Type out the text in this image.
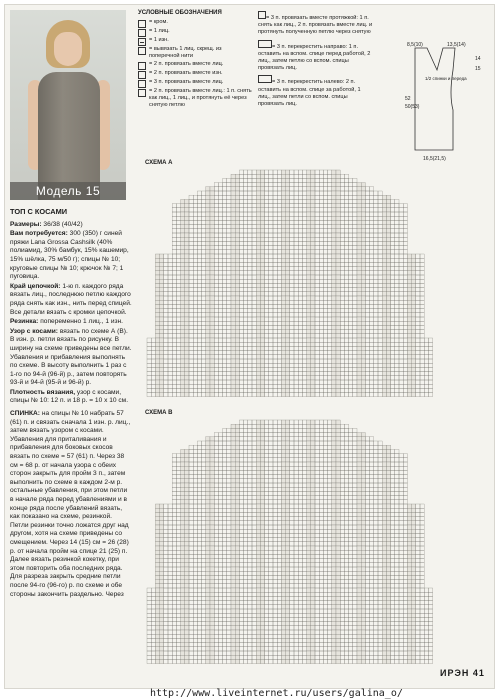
Модель 15
ТОП С КОСАМИ

Размеры: 36/38 (40/42)

Вам потребуется: 300 (350) г синей пряжи Lana Grossa Cashsilk (40% полиамид, 30% бамбук, 15% кашемир, 15% шёлка, 75 м/50 г); спицы № 10; круговые спицы № 10; крючок № 7; 1 пуговица.

Край цепочкой: 1-ю п. каждого ряда вязать лиц., последнюю петлю каждого ряда снять как изн., нить перед спицей. Все детали вязать с кромки цепочкой.

Резинка: попеременно 1 лиц., 1 изн.

Узор с косами: вязать по схеме А (В). В изн. р. петли вязать по рисунку. В ширину на схеме приведены все петли. Убавления и прибавления выполнять по схеме. В высоту выполнить 1 раз с 1-го по 94-й (96-й) р., затем повторять 93-й и 94-й (95-й и 96-й) р.

Плотность вязания, узор с косами, спицы № 10: 12 п. и 18 р. = 10 x 10 см.

СПИНКА: на спицы № 10 набрать 57 (61) п. и связать сначала 1 изн. р. лиц., затем вязать узором с косами. Убавления для приталивания и прибавления для боковых скосов вязать по схеме = 57 (61) п. Через 38 см = 68 р. от начала узора с обеих сторон закрыть для пройм 3 п., затем выполнить по схеме в каждом 2-м р. остальные убавления, при этом петли в начале ряда перед убавлениями и в конце ряда после убавлений вязать, как показано на схеме, резинкой. Петли резинки точно ложатся друг над другом, хотя на схеме приведены со смещением. Через 14 (15) см = 26 (28) р. от начала пройм на спице 21 (25) п. Далее вязать резинкой кокетку, при этом повторить оба последних ряда. Для разреза закрыть средние петли после 94-го (96-го) р. по схеме и обе стороны закончить раздельно. Через

УСЛОВНЫЕ ОБОЗНАЧЕНИЯ
= кром.
= 1 лиц.
= 1 изн.
= вывязать 1 лиц. скрещ. из поперечной нити
= 2 п. провязать вместе лиц.
= 2 п. провязать вместе изн.
= 3 п. провязать вместе лиц.
= 2 п. провязать вместе лиц.: 1 п. снять как лиц., 1 лиц., и протянуть её через снятую петлю
= 3 п. провязать вместе протяжкой: 1 п. снять как лиц., 2 п. провязать вместе лиц. и протянуть полученную петлю через снятую
= 3 п. перекрестить направо: 1 п. оставить на вспом. спице перед работой, 2 лиц., затем петлю со вспом. спицы провязать лиц.
= 3 п. перекрестить налево: 2 п. оставить на вспом. спице за работой, 1 лиц., затем петли со вспом. спицы провязать лиц.
8,5(10)	13,5(14)
14
15
1/2 спинки и переда
52
50(53)
16,5(21,5)
СХЕМА А
СХЕМА В
ИРЭН 41
http://www.liveinternet.ru/users/galina_o/
